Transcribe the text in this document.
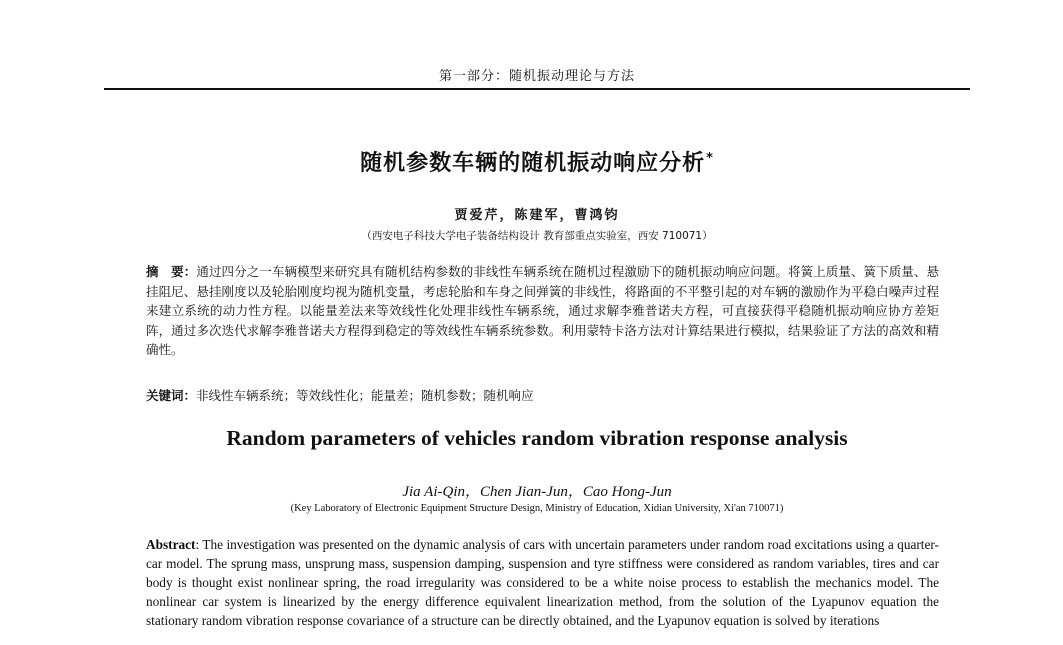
第一部分：随机振动理论与方法
随机参数车辆的随机振动响应分析*
贾爱芹，陈建军，曹鸿钧
（西安电子科技大学电子装备结构设计 教育部重点实验室，西安 710071）
摘　要：通过四分之一车辆模型来研究具有随机结构参数的非线性车辆系统在随机过程激励下的随机振动响应问题。将簧上质量、簧下质量、悬挂阻尼、悬挂刚度以及轮胎刚度均视为随机变量，考虑轮胎和车身之间弹簧的非线性，将路面的不平整引起的对车辆的激励作为平稳白噪声过程来建立系统的动力性方程。以能量差法来等效线性化处理非线性车辆系统，通过求解李雅普诺夫方程，可直接获得平稳随机振动响应协方差矩阵，通过多次迭代求解李雅普诺夫方程得到稳定的等效线性车辆系统参数。利用蒙特卡洛方法对计算结果进行模拟，结果验证了方法的高效和精确性。
关键词：非线性车辆系统；等效线性化；能量差；随机参数；随机响应
Random parameters of vehicles random vibration response analysis
Jia Ai-Qin，Chen Jian-Jun，Cao Hong-Jun
(Key Laboratory of Electronic Equipment Structure Design, Ministry of Education, Xidian University, Xi'an 710071)
Abstract: The investigation was presented on the dynamic analysis of cars with uncertain parameters under random road excitations using a quarter-car model. The sprung mass, unsprung mass, suspension damping, suspension and tyre stiffness were considered as random variables, tires and car body is thought exist nonlinear spring, the road irregularity was considered to be a white noise process to establish the mechanics model. The nonlinear car system is linearized by the energy difference equivalent linearization method, from the solution of the Lyapunov equation the stationary random vibration response covariance of a structure can be directly obtained, and the Lyapunov equation is solved by iterations
